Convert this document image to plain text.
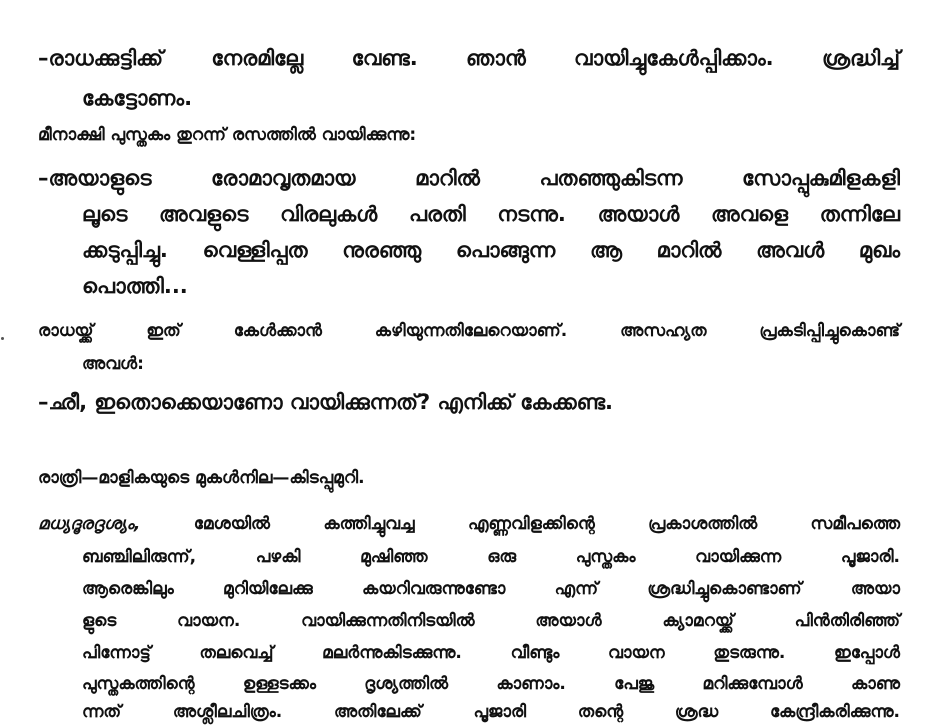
–രാധക്കുട്ടിക്ക് നേരമില്ലേ വേണ്ട. ഞാൻ വായിച്ചുകേൾപ്പിക്കാം. ശ്രദ്ധിച്ച്
കേട്ടോണം.
മീനാക്ഷി പുസ്തകം തുറന്ന് രസത്തിൽ വായിക്കുന്നു:
–അയാളുടെ രോമാവൃതമായ മാറിൽ പതഞ്ഞുകിടന്ന സോപ്പുകുമിളകളി
ലൂടെ അവളുടെ വിരലുകൾ പരതി നടന്നു. അയാൾ അവളെ തന്നിലേ
ക്കടുപ്പിച്ചു. വെള്ളിപ്പത നുരഞ്ഞു പൊങ്ങുന്ന ആ മാറിൽ അവൾ മുഖം
പൊത്തി...
രാധയ്ക്ക് ഇത് കേൾക്കാൻ കഴിയുന്നതിലേറെയാണ്. അസഹ്യത പ്രകടിപ്പിച്ചുകൊണ്ട്
അവൾ:
–ഛീ, ഇതൊക്കെയാണോ വായിക്കുന്നത്? എനിക്ക് കേക്കണ്ട.
രാത്രി—മാളികയുടെ മുകൾനില—കിടപ്പുമുറി.
മധ്യദൂരദൃശ്യം, മേശയിൽ കത്തിച്ചുവച്ച എണ്ണവിളക്കിന്റെ പ്രകാശത്തിൽ സമീപത്തെ
ബഞ്ചിലിരുന്ന്, പഴകി മുഷിഞ്ഞ ഒരു പുസ്തകം വായിക്കുന്ന പൂജാരി.
ആരെങ്കിലും മുറിയിലേക്കു കയറിവരുന്നുണ്ടോ എന്ന് ശ്രദ്ധിച്ചുകൊണ്ടാണ് അയാ
ളുടെ വായന. വായിക്കുന്നതിനിടയിൽ അയാൾ ക്യാമറയ്ക്ക് പിൻതിരിഞ്ഞ്
പിന്നോട്ട് തലവെച്ച് മലർന്നുകിടക്കുന്നു. വീണ്ടും വായന തുടരുന്നു. ഇപ്പോൾ
പുസ്തകത്തിന്റെ ഉള്ളടക്കം ദൃശ്യത്തിൽ കാണാം. പേജു മറിക്കുമ്പോൾ കാണു
ന്നത് അശ്ലീലചിത്രം. അതിലേക്ക് പൂജാരി തന്റെ ശ്രദ്ധ കേന്ദ്രീകരിക്കുന്നു.
